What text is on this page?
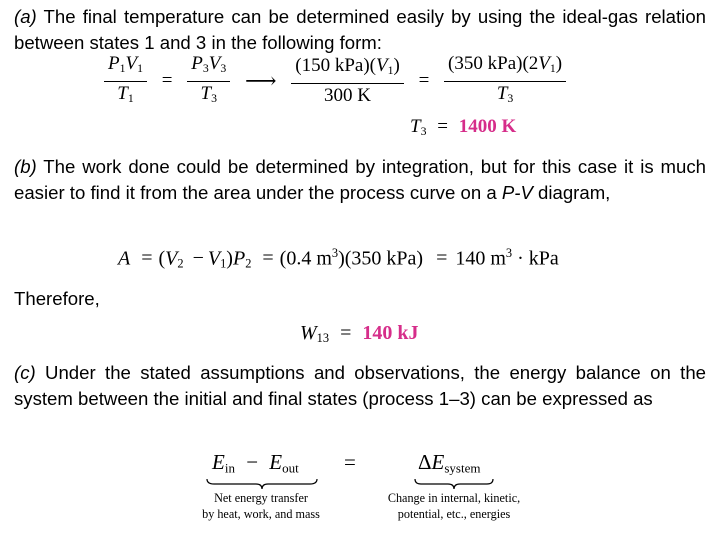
(a) The final temperature can be determined easily by using the ideal-gas relation between states 1 and 3 in the following form:

$\frac{P_1V_1}{T_1} = \frac{P_3V_3}{T_3}$ ⟶ $\frac{(150 kPa)(V_1)}{300 K} = \frac{(350 kPa)(2V_1)}{T_3}$
$T_3 = 1400$ K

(b) The work done could be determined by integration, but for this case it is much easier to find it from the area under the process curve on a P-V diagram,

$A = (V_2 - V_1)P_2 = (0.4$ $m^3)(350$ kPa) = 140 $m^3$ · kPa

Therefore,

$W_{13} = 140$ kJ

(c) Under the stated assumptions and observations, the energy balance on the system between the initial and final states (process 1–3) can be expressed as

$E_{in} - E_{out}$ =	$\Delta E_{system}$
Net energy transfer
by heat, work, and mass
Change in internal, kinetic,
potential, etc., energies
